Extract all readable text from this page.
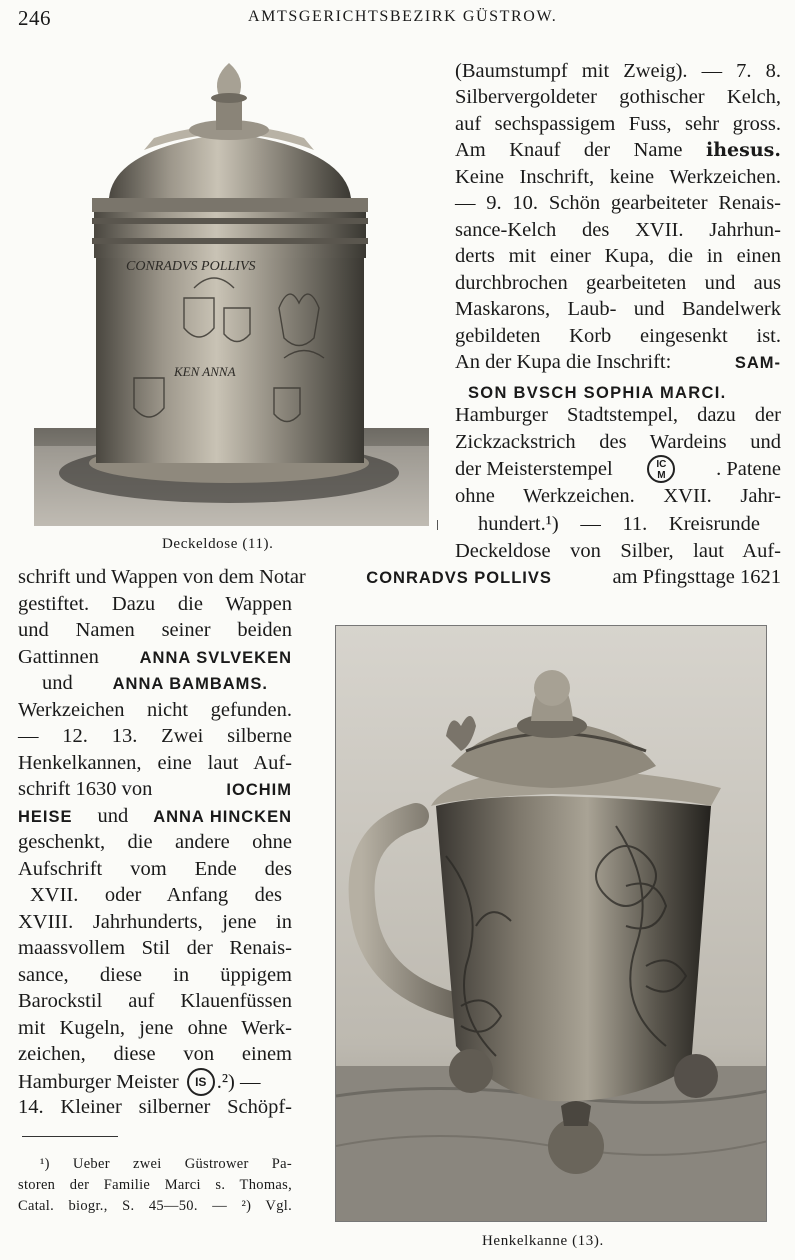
246	AMTSGERICHTSBEZIRK GÜSTROW.
CONRADVS POLLIVS
KEN ANNA
Deckeldose (11).
(Baumstumpf mit Zweig). — 7. 8.
Silbervergoldeter gothischer Kelch,
auf sechspassigem Fuss, sehr gross.
Am Knauf der Name ihesus.
Keine Inschrift, keine Werkzeichen.
— 9. 10. Schön gearbeiteter Renais-
sance-Kelch des XVII. Jahrhun-
derts mit einer Kupa, die in einen
durchbrochen gearbeiteten und aus
Maskarons, Laub- und Bandelwerk
gebildeten Korb eingesenkt ist.
An der Kupa die Inschrift:	SAM-
SON BVSCH SOPHIA MARCI.
Hamburger Stadtstempel, dazu der
Zickzackstrich des Wardeins und
der Meisterstempel	IC
M	. Patene
ohne Werkzeichen. XVII. Jahr-
hundert.¹) — 11. Kreisrunde
Deckeldose von Silber, laut Auf-
schrift und Wappen von dem Notar	CONRADVS POLLIVS	am Pfingsttage 1621
gestiftet. Dazu die Wappen
und Namen seiner beiden
Gattinnen ANNA SVLVEKEN
und ANNA BAMBAMS.
Werkzeichen nicht gefunden.
— 12. 13. Zwei silberne
Henkelkannen, eine laut Auf-
schrift 1630 von	IOCHIM
HEISE und ANNA HINCKEN
geschenkt, die andere ohne
Aufschrift vom Ende des
XVII. oder Anfang des
XVIII. Jahrhunderts, jene in
maassvollem Stil der Renais-
sance, diese in üppigem
Barockstil auf Klauenfüssen
mit Kugeln, jene ohne Werk-
zeichen, diese von einem
Hamburger Meister	IS .²) —
14. Kleiner silberner Schöpf-
¹) Ueber zwei Güstrower Pa-
storen der Familie Marci s. Thomas,
Catal. biogr., S. 45—50. — ²) Vgl.
Henkelkanne (13).
